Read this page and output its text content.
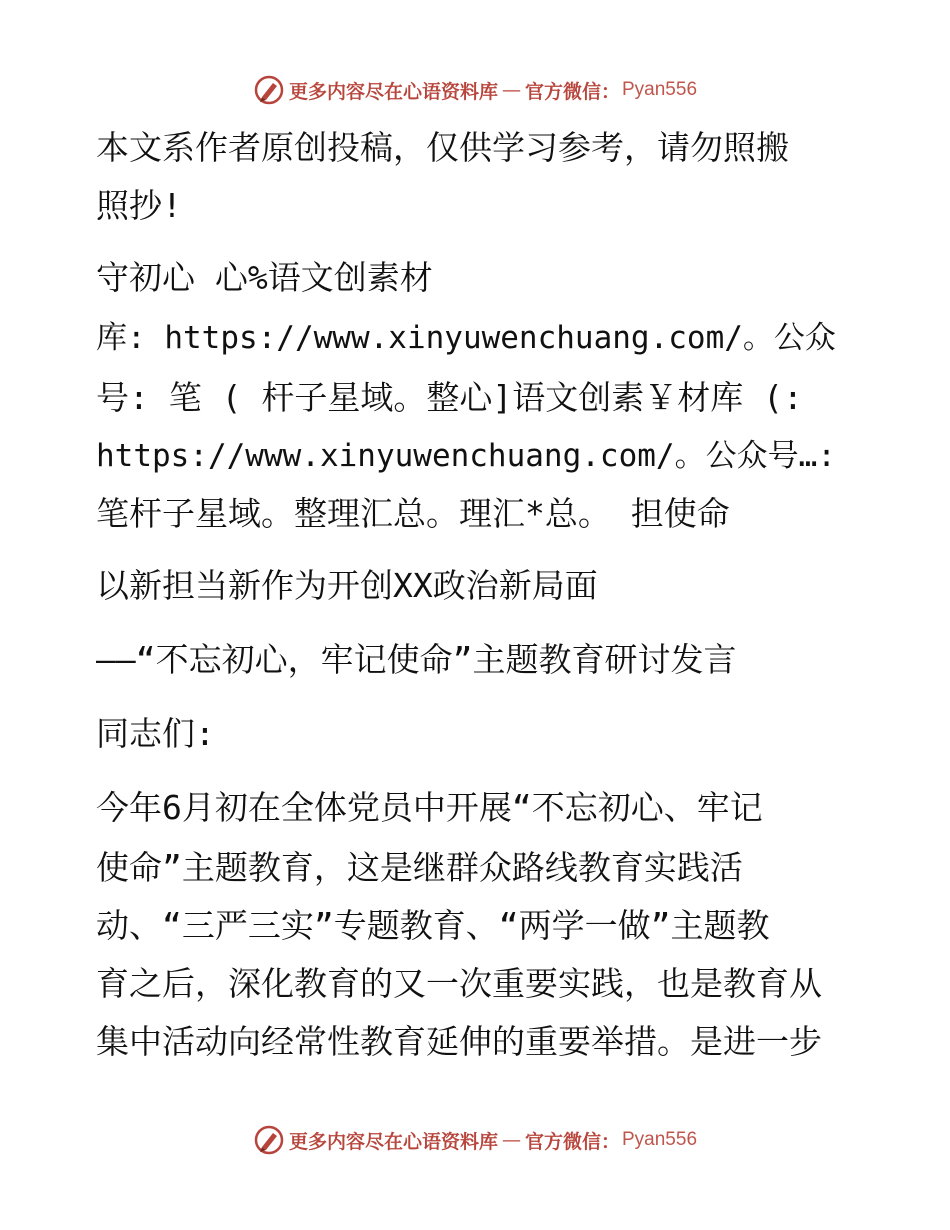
更多内容尽在心语资料库 — 官方微信： Pyan556
本文系作者原创投稿，仅供学习参考，请勿照搬
照抄!
守初心 心%语文创素材
库: https://www.xinyuwenchuang.com/。公众
号: 笔 ( 杆子星域。整心]语文创素￥材库 (:
https://www.xinyuwenchuang.com/。公众号…:
笔杆子星域。整理汇总。理汇*总。 担使命
以新担当新作为开创XX政治新局面
——“不忘初心，牢记使命”主题教育研讨发言
同志们:
今年6月初在全体党员中开展“不忘初心、牢记
使命”主题教育，这是继群众路线教育实践活
动、“三严三实”专题教育、“两学一做”主题教
育之后，深化教育的又一次重要实践，也是教育从
集中活动向经常性教育延伸的重要举措。是进一步
更多内容尽在心语资料库 — 官方微信： Pyan556
